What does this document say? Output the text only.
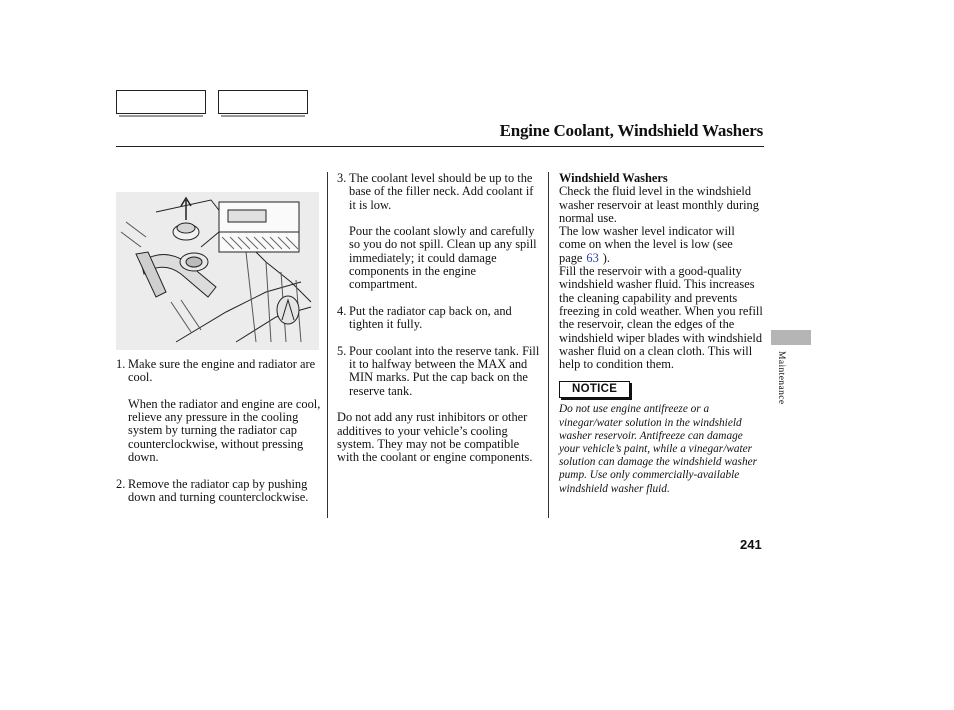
Engine Coolant, Windshield Washers
1. Make sure the engine and radiator are cool.
When the radiator and engine are cool, relieve any pressure in the cooling system by turning the radiator cap counterclockwise, without pressing down.
2. Remove the radiator cap by pushing down and turning counterclockwise.
3. The coolant level should be up to the base of the filler neck. Add coolant if it is low.
Pour the coolant slowly and carefully so you do not spill. Clean up any spill immediately; it could damage components in the engine compartment.
4. Put the radiator cap back on, and tighten it fully.
5. Pour coolant into the reserve tank. Fill it to halfway between the MAX and MIN marks. Put the cap back on the reserve tank.

Do not add any rust inhibitors or other additives to your vehicle’s cooling system. They may not be compatible with the coolant or engine components.

Windshield Washers

Check the fluid level in the windshield washer reservoir at least monthly during normal use.

The low washer level indicator will come on when the level is low (see page 63 ).

Fill the reservoir with a good-quality windshield washer fluid. This increases the cleaning capability and prevents freezing in cold weather. When you refill the reservoir, clean the edges of the windshield wiper blades with windshield washer fluid on a clean cloth. This will help to condition them.

NOTICE

Do not use engine antifreeze or a vinegar/water solution in the windshield washer reservoir. Antifreeze can damage your vehicle’s paint, while a vinegar/water solution can damage the windshield washer pump. Use only commercially-available windshield washer fluid.

Maintenance
241
